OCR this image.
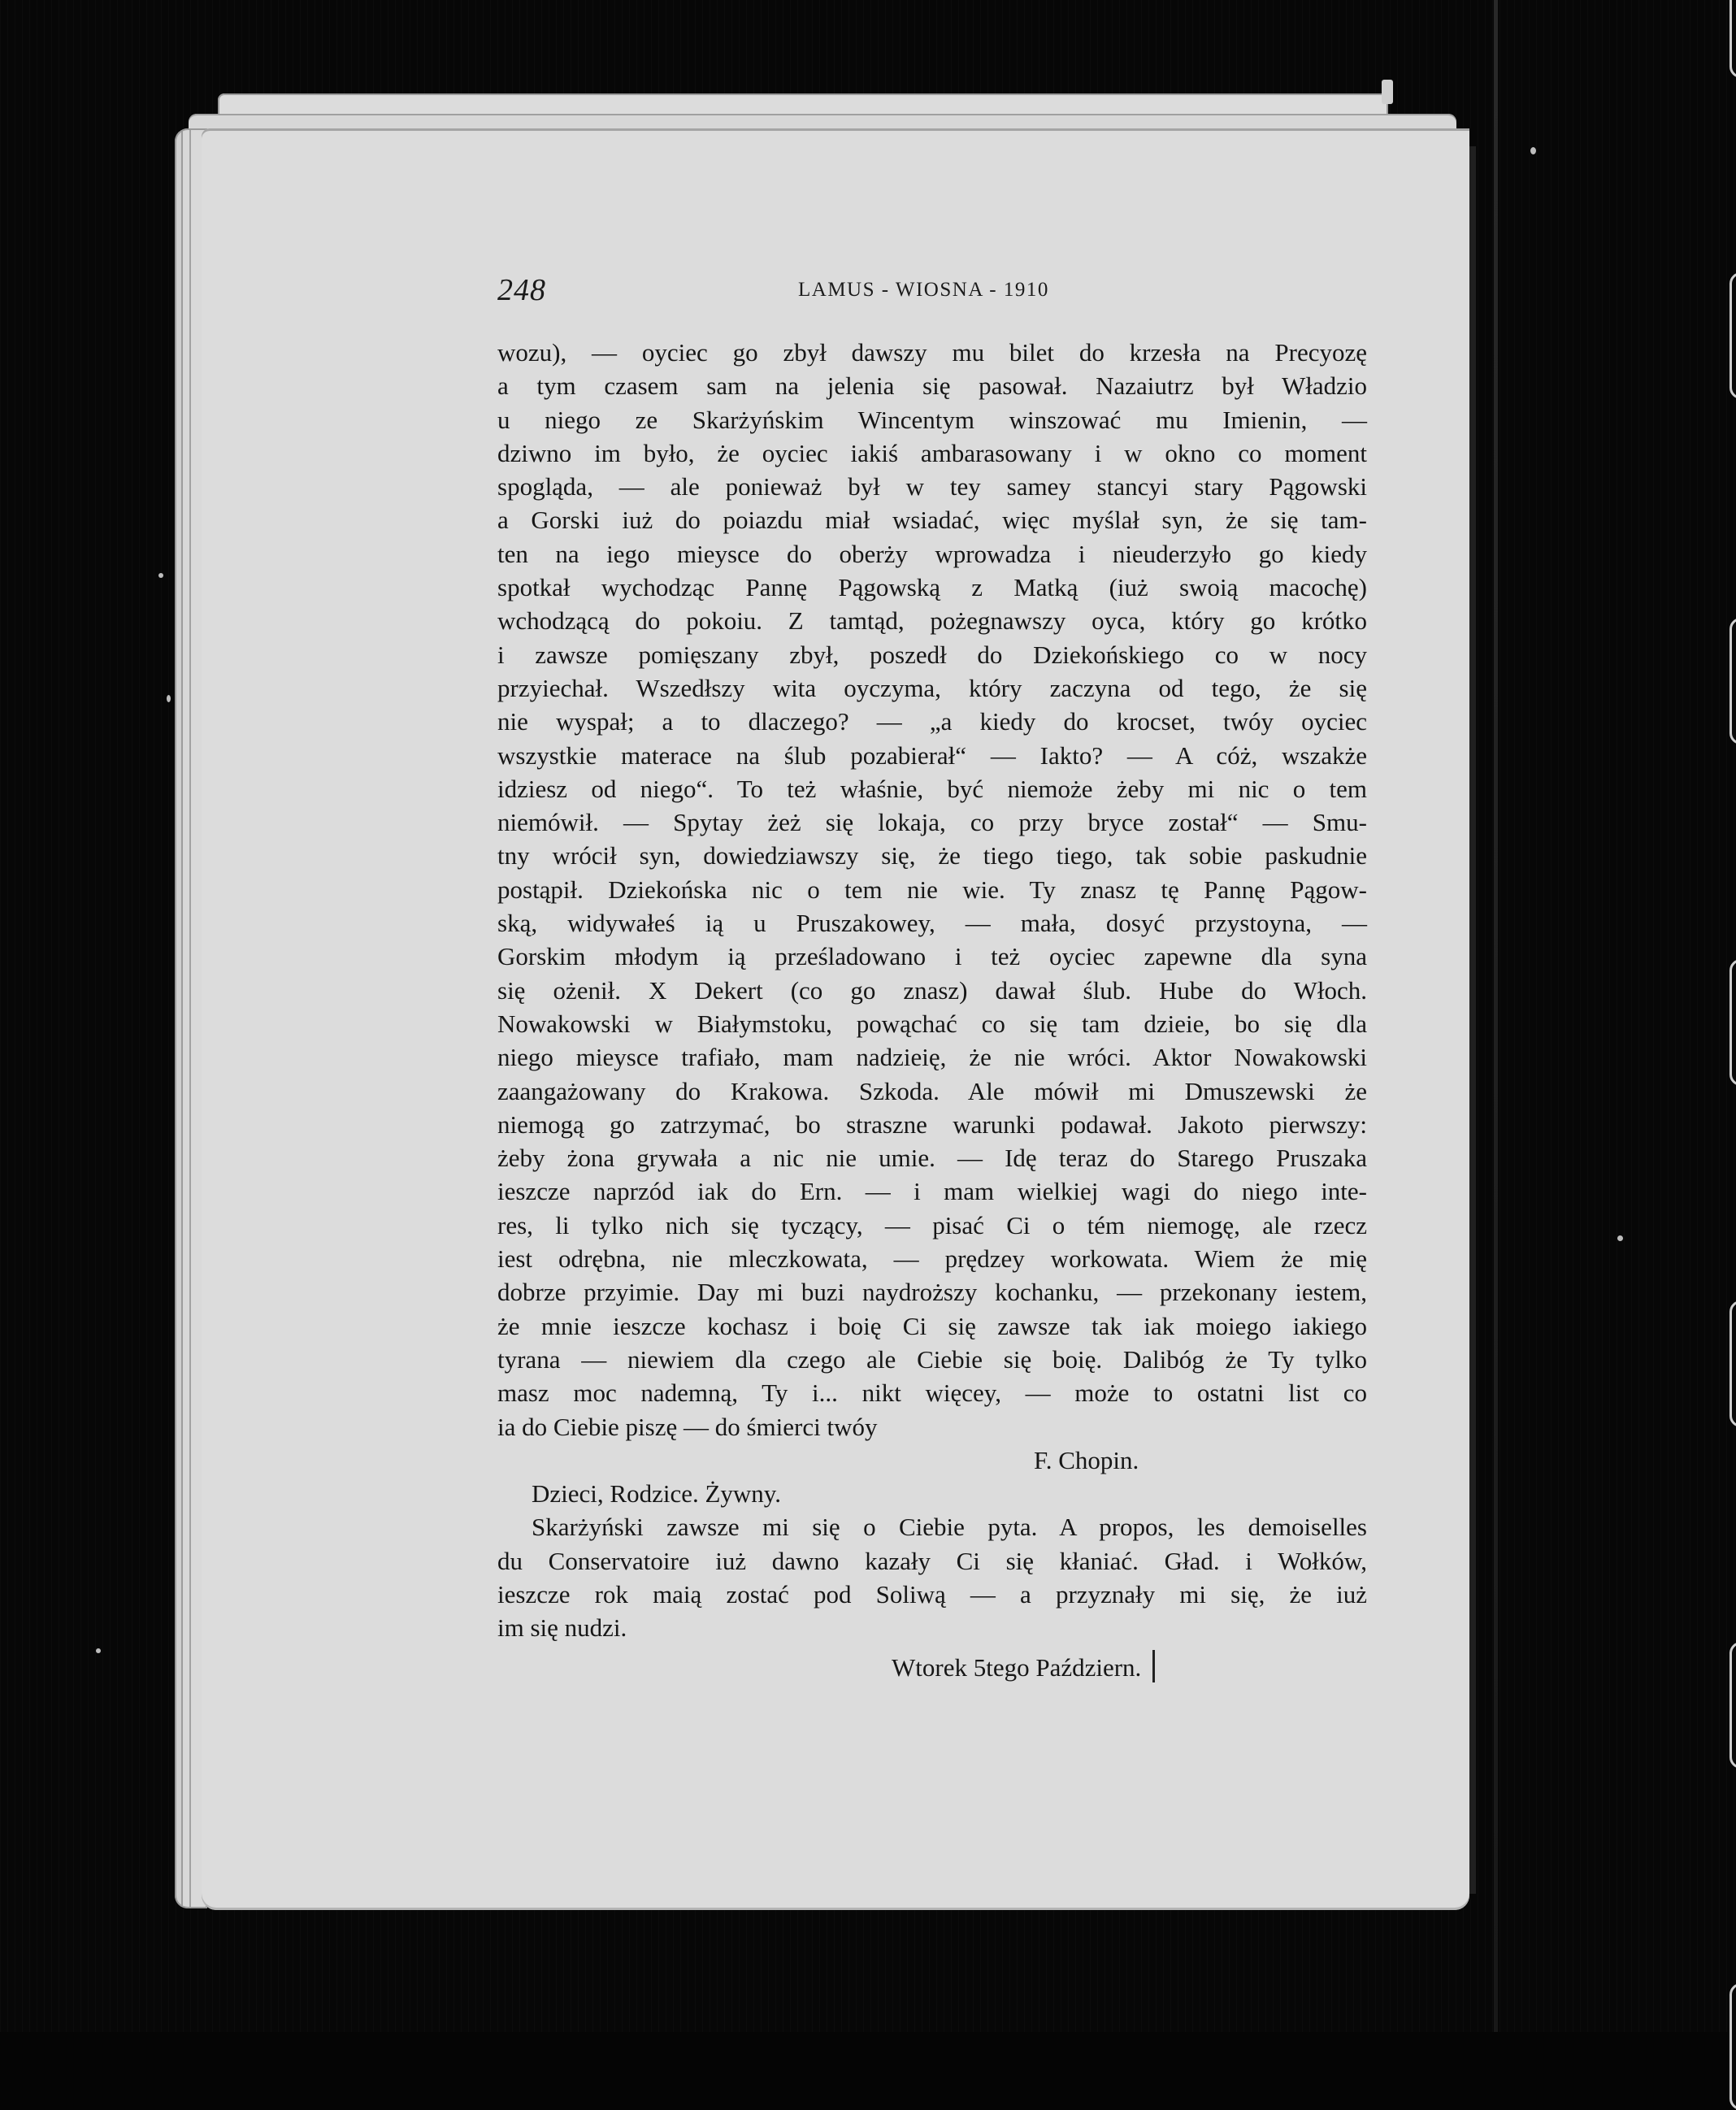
248	LAMUS - WIOSNA - 1910
wozu), — oyciec go zbył dawszy mu bilet do krzesła na Precyozę
a tym czasem sam na jelenia się pasował. Nazaiutrz był Władzio
u niego ze Skarżyńskim Wincentym winszować mu Imienin, —
dziwno im było, że oyciec iakiś ambarasowany i w okno co moment
spogląda, — ale ponieważ był w tey samey stancyi stary Pągowski
a Gorski iuż do poiazdu miał wsiadać, więc myślał syn, że się tam-
ten na iego mieysce do oberży wprowadza i nieuderzyło go kiedy
spotkał wychodząc Pannę Pągowską z Matką (iuż swoią macochę)
wchodzącą do pokoiu. Z tamtąd, pożegnawszy oyca, który go krótko
i zawsze pomięszany zbył, poszedł do Dziekońskiego co w nocy
przyiechał. Wszedłszy wita oyczyma, który zaczyna od tego, że się
nie wyspał; a to dlaczego? — „a kiedy do krocset, twóy oyciec
wszystkie materace na ślub pozabierał“ — Iakto? — A cóż, wszakże
idziesz od niego“. To też właśnie, być niemoże żeby mi nic o tem
niemówił. — Spytay żeż się lokaja, co przy bryce został“ — Smu-
tny wrócił syn, dowiedziawszy się, że tiego tiego, tak sobie paskudnie
postąpił. Dziekońska nic o tem nie wie. Ty znasz tę Pannę Pągow-
ską, widywałeś ią u Pruszakowey, — mała, dosyć przystoyna, —
Gorskim młodym ią prześladowano i też oyciec zapewne dla syna
się ożenił. X Dekert (co go znasz) dawał ślub. Hube do Włoch.
Nowakowski w Białymstoku, powąchać co się tam dzieie, bo się dla
niego mieysce trafiało, mam nadzieię, że nie wróci. Aktor Nowakowski
zaangażowany do Krakowa. Szkoda. Ale mówił mi Dmuszewski że
niemogą go zatrzymać, bo straszne warunki podawał. Jakoto pierwszy:
żeby żona grywała a nic nie umie. — Idę teraz do Starego Pruszaka
ieszcze naprzód iak do Ern. — i mam wielkiej wagi do niego inte-
res, li tylko nich się tyczący, — pisać Ci o tém niemogę, ale rzecz
iest odrębna, nie mleczkowata, — prędzey workowata. Wiem że mię
dobrze przyimie. Day mi buzi naydroższy kochanku, — przekonany iestem,
że mnie ieszcze kochasz i boię Ci się zawsze tak iak moiego iakiego
tyrana — niewiem dla czego ale Ciebie się boię. Dalibóg że Ty tylko
masz moc nademną, Ty i... nikt więcey, — może to ostatni list co
ia do Ciebie piszę — do śmierci twóy
F. Chopin.
Dzieci, Rodzice. Żywny.
Skarżyński zawsze mi się o Ciebie pyta. A propos, les demoiselles
du Conservatoire iuż dawno kazały Ci się kłaniać. Gład. i Wołków,
ieszcze rok maią zostać pod Soliwą — a przyznały mi się, że iuż
im się nudzi.
Wtorek 5tego Październ.
